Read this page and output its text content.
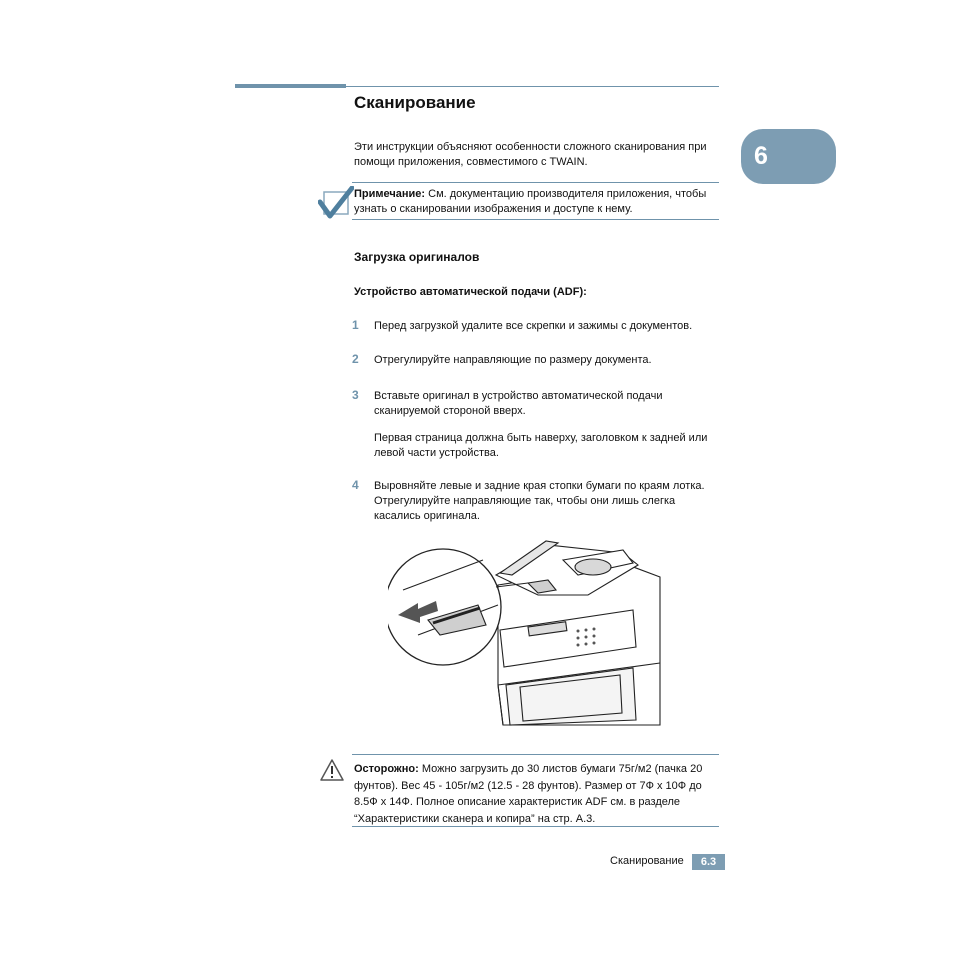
Сканирование
6

Эти инструкции объясняют особенности сложного сканирования при помощи приложения, совместимого с TWAIN.

Примечание: См. документацию производителя приложения, чтобы узнать о сканировании изображения и доступе к нему.

Загрузка оригиналов
Устройство автоматической подачи (ADF):
1 Перед загрузкой удалите все скрепки и зажимы с документов.

2 Отрегулируйте направляющие по размеру документа.

3 Вставьте оригинал в устройство автоматической подачи сканируемой стороной вверх.

Первая страница должна быть наверху, заголовком к задней или левой части устройства.

4 Выровняйте левые и задние края стопки бумаги по краям лотка. Отрегулируйте направляющие так, чтобы они лишь слегка касались оригинала.

Осторожно: Можно загрузить до 30 листов бумаги 75г/м2 (пачка 20 фунтов). Вес 45 - 105г/м2 (12.5 - 28 фунтов). Размер от 7Ф x 10Ф до 8.5Ф x 14Ф. Полное описание характеристик ADF см. в разделе “Характеристики сканера и копира” на стр. A.3.

Сканирование	6.3
